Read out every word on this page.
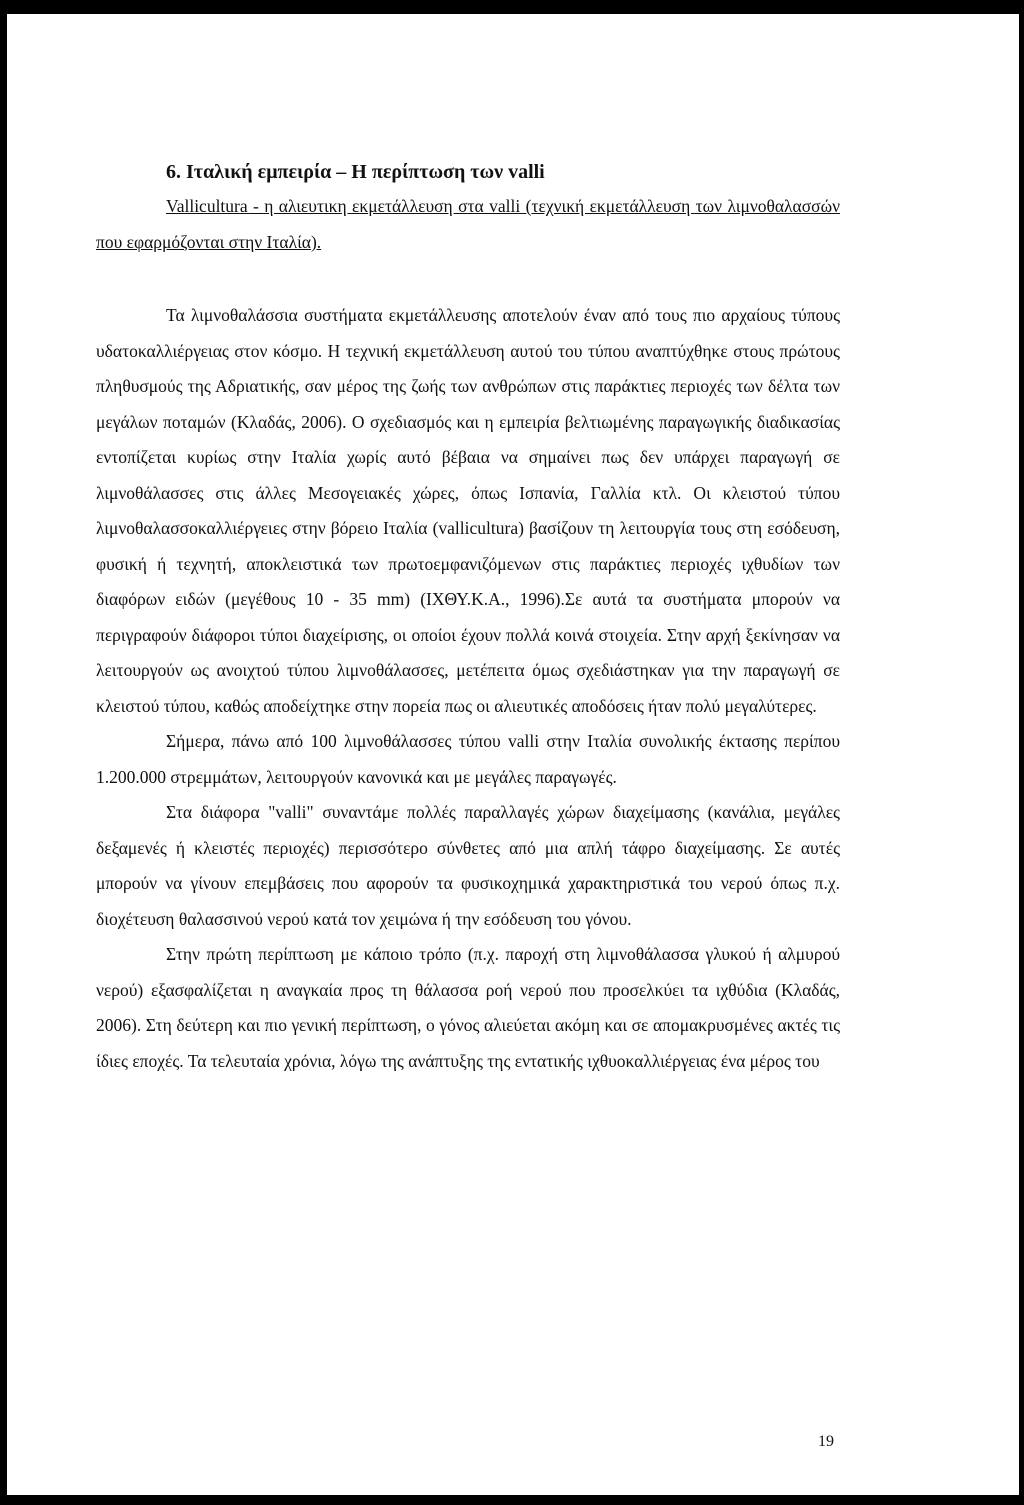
6. Ιταλική εμπειρία – Η περίπτωση των valli

Vallicultura - η αλιευτικη εκμετάλλευση στα valli (τεχνική εκμετάλλευση των λιμνοθαλασσών που εφαρμόζονται στην Ιταλία).

Τα λιμνοθαλάσσια συστήματα εκμετάλλευσης αποτελούν έναν από τους πιο αρχαίους τύπους υδατοκαλλιέργειας στον κόσμο. Η τεχνική εκμετάλλευση αυτού του τύπου αναπτύχθηκε στους πρώτους πληθυσμούς της Αδριατικής, σαν μέρος της ζωής των ανθρώπων στις παράκτιες περιοχές των δέλτα των μεγάλων ποταμών (Κλαδάς, 2006). Ο σχεδιασμός και η εμπειρία βελτιωμένης παραγωγικής διαδικασίας εντοπίζεται κυρίως στην Ιταλία χωρίς αυτό βέβαια να σημαίνει πως δεν υπάρχει παραγωγή σε λιμνοθάλασσες στις άλλες Μεσογειακές χώρες, όπως Ισπανία, Γαλλία κτλ. Οι κλειστού τύπου λιμνοθαλασσοκαλλιέργειες στην βόρειο Ιταλία (vallicultura) βασίζουν τη λειτουργία τους στη εσόδευση, φυσική ή τεχνητή, αποκλειστικά των πρωτοεμφανιζόμενων στις παράκτιες περιοχές ιχθυδίων των διαφόρων ειδών (μεγέθους 10 - 35 mm) (ΙΧΘΥ.Κ.Α., 1996).Σε αυτά τα συστήματα μπορούν να περιγραφούν διάφοροι τύποι διαχείρισης, οι οποίοι έχουν πολλά κοινά στοιχεία. Στην αρχή ξεκίνησαν να λειτουργούν ως ανοιχτού τύπου λιμνοθάλασσες, μετέπειτα όμως σχεδιάστηκαν για την παραγωγή σε κλειστού τύπου, καθώς αποδείχτηκε στην πορεία πως οι αλιευτικές αποδόσεις ήταν πολύ μεγαλύτερες.

Σήμερα, πάνω από 100 λιμνοθάλασσες τύπου valli στην Ιταλία συνολικής έκτασης περίπου 1.200.000 στρεμμάτων, λειτουργούν κανονικά και με μεγάλες παραγωγές.

Στα διάφορα "valli" συναντάμε πολλές παραλλαγές χώρων διαχείμασης (κανάλια, μεγάλες δεξαμενές ή κλειστές περιοχές) περισσότερο σύνθετες από μια απλή τάφρο διαχείμασης. Σε αυτές μπορούν να γίνουν επεμβάσεις που αφορούν τα φυσικοχημικά χαρακτηριστικά του νερού όπως π.χ. διοχέτευση θαλασσινού νερού κατά τον χειμώνα ή την εσόδευση του γόνου.

Στην πρώτη περίπτωση με κάποιο τρόπο (π.χ. παροχή στη λιμνοθάλασσα γλυκού ή αλμυρού νερού) εξασφαλίζεται η αναγκαία προς τη θάλασσα ροή νερού που προσελκύει τα ιχθύδια (Κλαδάς, 2006). Στη δεύτερη και πιο γενική περίπτωση, ο γόνος αλιεύεται ακόμη και σε απομακρυσμένες ακτές τις ίδιες εποχές. Τα τελευταία χρόνια, λόγω της ανάπτυξης της εντατικής ιχθυοκαλλιέργειας ένα μέρος του

19
